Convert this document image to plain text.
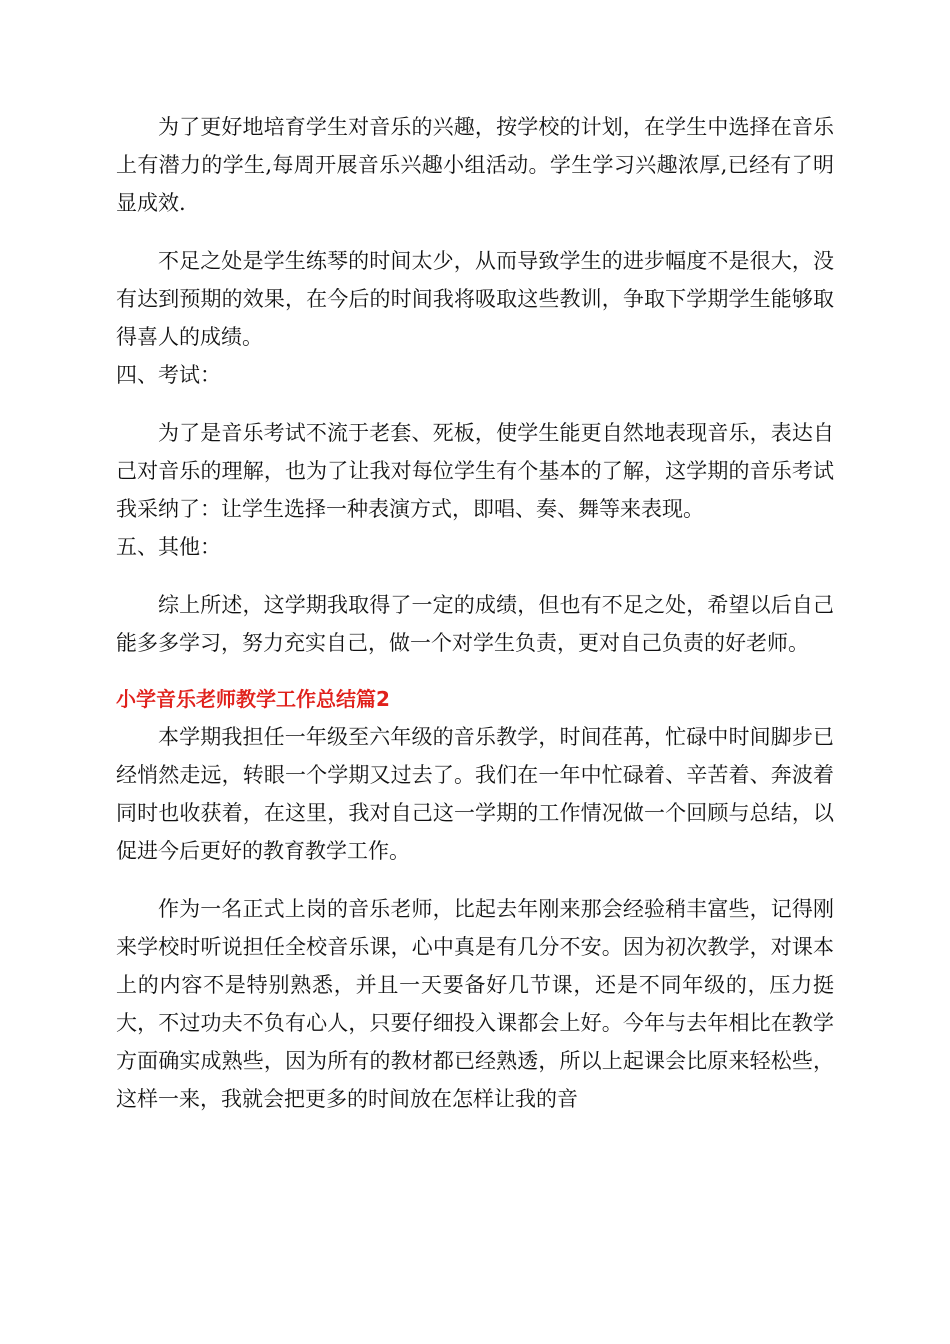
为了更好地培育学生对音乐的兴趣，按学校的计划，在学生中选择在音乐上有潜力的学生,每周开展音乐兴趣小组活动。学生学习兴趣浓厚,已经有了明显成效.

不足之处是学生练琴的时间太少，从而导致学生的进步幅度不是很大，没有达到预期的效果，在今后的时间我将吸取这些教训，争取下学期学生能够取得喜人的成绩。

四、考试：

为了是音乐考试不流于老套、死板，使学生能更自然地表现音乐，表达自己对音乐的理解，也为了让我对每位学生有个基本的了解，这学期的音乐考试我采纳了：让学生选择一种表演方式，即唱、奏、舞等来表现。

五、其他：

综上所述，这学期我取得了一定的成绩，但也有不足之处，希望以后自己能多多学习，努力充实自己，做一个对学生负责，更对自己负责的好老师。

小学音乐老师教学工作总结篇2

本学期我担任一年级至六年级的音乐教学，时间荏苒，忙碌中时间脚步已经悄然走远，转眼一个学期又过去了。我们在一年中忙碌着、辛苦着、奔波着同时也收获着，在这里，我对自己这一学期的工作情况做一个回顾与总结，以促进今后更好的教育教学工作。

作为一名正式上岗的音乐老师，比起去年刚来那会经验稍丰富些，记得刚来学校时听说担任全校音乐课，心中真是有几分不安。因为初次教学，对课本上的内容不是特别熟悉，并且一天要备好几节课，还是不同年级的，压力挺大，不过功夫不负有心人，只要仔细投入课都会上好。今年与去年相比在教学方面确实成熟些，因为所有的教材都已经熟透，所以上起课会比原来轻松些，这样一来，我就会把更多的时间放在怎样让我的音
